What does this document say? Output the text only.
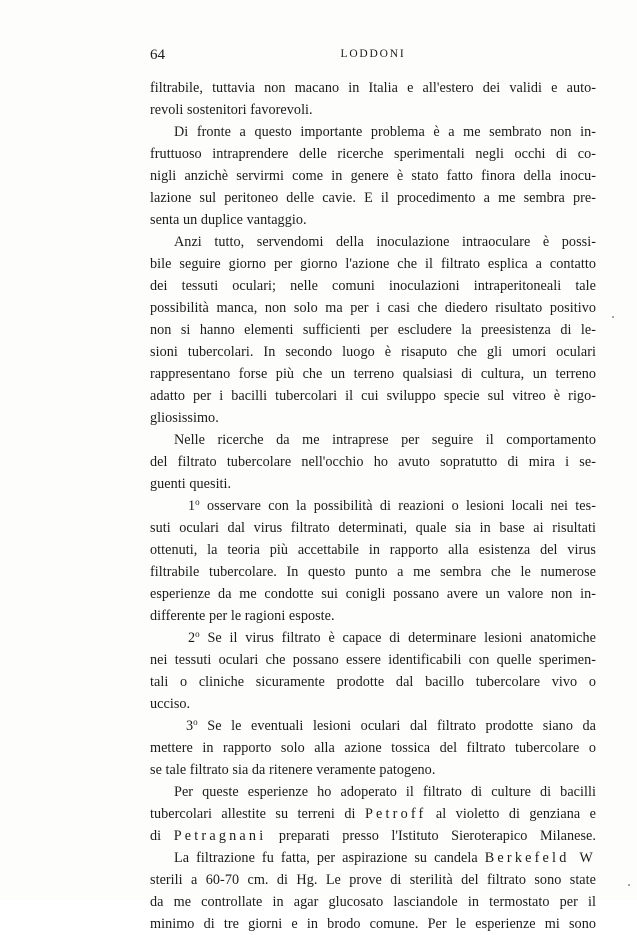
64	LODDONI
filtrabile, tuttavia non macano in Italia e all'estero dei validi e auto-
revoli sostenitori favorevoli.
Di fronte a questo importante problema è a me sembrato non in-
fruttuoso intraprendere delle ricerche sperimentali negli occhi di co-
nigli anzichè servirmi come in genere è stato fatto finora della inocu-
lazione sul peritoneo delle cavie. E il procedimento a me sembra pre-
senta un duplice vantaggio.
Anzi tutto, servendomi della inoculazione intraoculare è possi-
bile seguire giorno per giorno l'azione che il filtrato esplica a contatto
dei tessuti oculari; nelle comuni inoculazioni intraperitoneali tale
possibilità manca, non solo ma per i casi che diedero risultato positivo
non si hanno elementi sufficienti per escludere la preesistenza di le-
sioni tubercolari. In secondo luogo è risaputo che gli umori oculari
rappresentano forse più che un terreno qualsiasi di cultura, un terreno
adatto per i bacilli tubercolari il cui sviluppo specie sul vitreo è rigo-
gliosissimo.
Nelle ricerche da me intraprese per seguire il comportamento
del filtrato tubercolare nell'occhio ho avuto sopratutto di mira i se-
guenti quesiti.
1$^o$ osservare con la possibilità di reazioni o lesioni locali nei tes-
suti oculari dal virus filtrato determinati, quale sia in base ai risultati
ottenuti, la teoria più accettabile in rapporto alla esistenza del virus
filtrabile tubercolare. In questo punto a me sembra che le numerose
esperienze da me condotte sui conigli possano avere un valore non in-
differente per le ragioni esposte.
2$^o$ Se il virus filtrato è capace di determinare lesioni anatomiche
nei tessuti oculari che possano essere identificabili con quelle sperimen-
tali o cliniche sicuramente prodotte dal bacillo tubercolare vivo o
ucciso.
3$^o$ Se le eventuali lesioni oculari dal filtrato prodotte siano da
mettere in rapporto solo alla azione tossica del filtrato tubercolare o
se tale filtrato sia da ritenere veramente patogeno.
Per queste esperienze ho adoperato il filtrato di culture di bacilli
tubercolari allestite su terreni di Petroff al violetto di genziana e
di Petragnani preparati presso l'Istituto Sieroterapico Milanese.
La filtrazione fu fatta, per aspirazione su candela Berkefeld W
sterili a 60-70 cm. di Hg. Le prove di sterilità del filtrato sono state
da me controllate in agar glucosato lasciandole in termostato per il
minimo di tre giorni e in brodo comune. Per le esperienze mi sono
